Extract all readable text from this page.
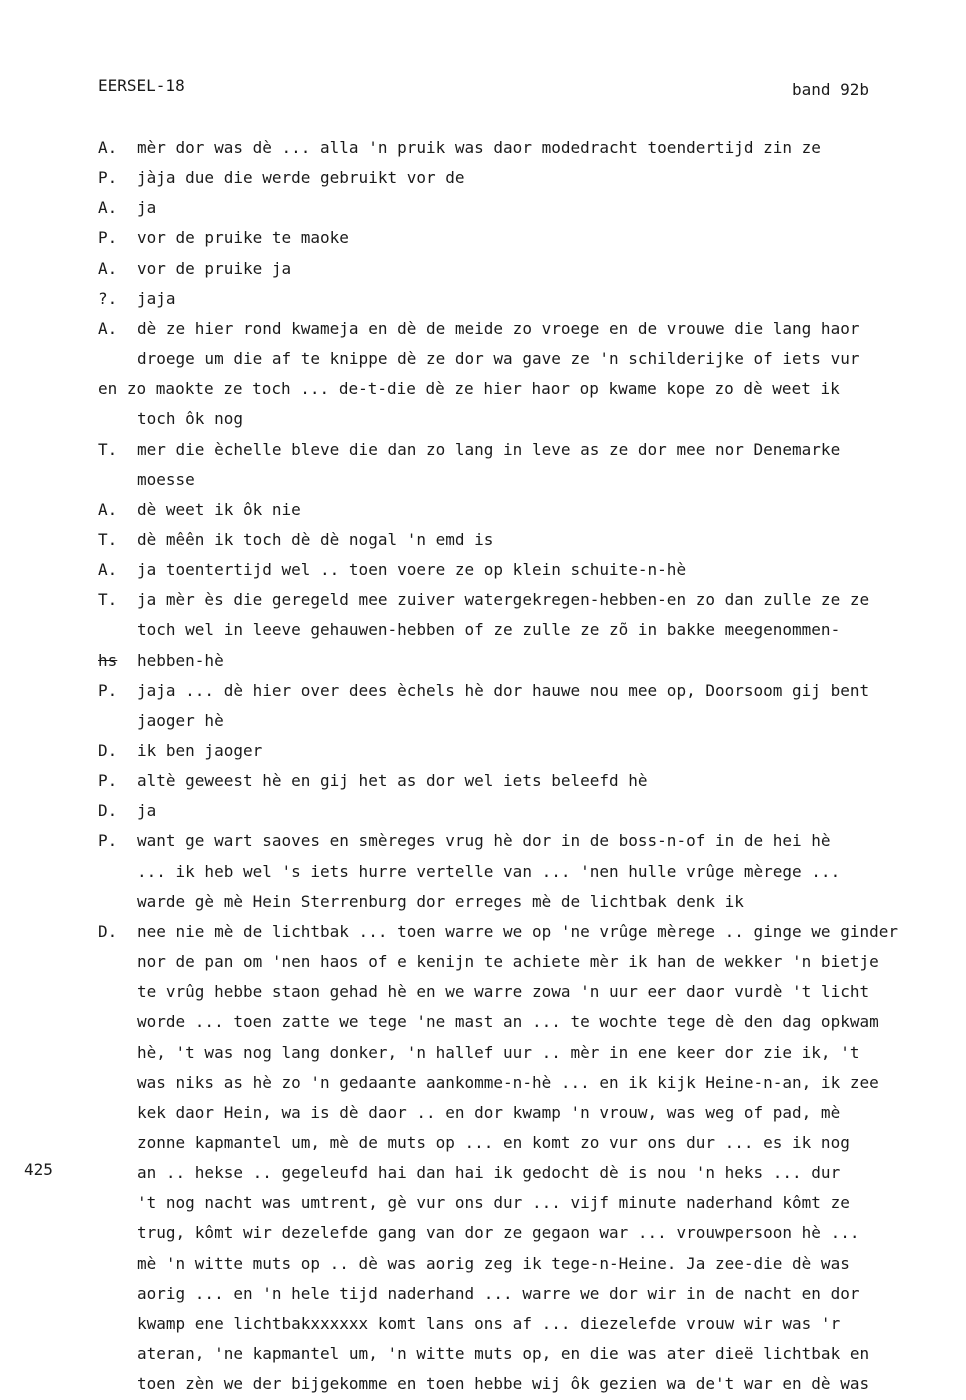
EERSEL-18	band 92b
425
A. mèr dor was dè ... alla 'n pruik was daor modedracht toendertijd zin ze
P. jàja due die werde gebruikt vor de
A. ja
P. vor de pruike te maoke
A. vor de pruike ja
?. jaja
A. dè ze hier rond kwameja en dè de meide zo vroege en de vrouwe die lang haor
droege um die af te knippe dè ze dor wa gave ze 'n schilderijke of iets vur
en zo maokte ze toch ... de-t-die dè ze hier haor op kwame kope zo dè weet ik
toch ôk nog
T. mer die èchelle bleve die dan zo lang in leve as ze dor mee nor Denemarke
moesse
A. dè weet ik ôk nie
T. dè mêên ik toch dè dè nogal 'n emd is
A. ja toentertijd wel .. toen voere ze op klein schuite-n-hè
T. ja mèr ès die geregeld mee zuiver watergekregen-hebben-en zo dan zulle ze ze
toch wel in leeve gehauwen-hebben of ze zulle ze zõ in bakke meegenommen-
hs hebben-hè
P. jaja ... dè hier over dees èchels hè dor hauwe nou mee op, Doorsoom gij bent
jaoger hè
D. ik ben jaoger
P. altè geweest hè en gij het as dor wel iets beleefd hè
D. ja
P. want ge wart saoves en smèreges vrug hè dor in de boss-n-of in de hei hè
... ik heb wel 's iets hurre vertelle van ... 'nen hulle vrûge mèrege ...
warde gè mè Hein Sterrenburg dor erreges mè de lichtbak denk ik
D. nee nie mè de lichtbak ... toen warre we op 'ne vrûge mèrege .. ginge we ginder
nor de pan om 'nen haos of e kenijn te achiete mèr ik han de wekker 'n bietje
te vrûg hebbe staon gehad hè en we warre zowa 'n uur eer daor vurdè 't licht
worde ... toen zatte we tege 'ne mast an ... te wochte tege dè den dag opkwam
hè, 't was nog lang donker, 'n hallef uur .. mèr in ene keer dor zie ik, 't
was niks as hè zo 'n gedaante aankomme-n-hè ... en ik kijk Heine-n-an, ik zee
kek daor Hein, wa is dè daor .. en dor kwamp 'n vrouw, was weg of pad, mè
zonne kapmantel um, mè de muts op ... en komt zo vur ons dur ... es ik nog
an .. hekse .. gegeleufd hai dan hai ik gedocht dè is nou 'n heks ... dur
't nog nacht was umtrent, gè vur ons dur ... vijf minute naderhand kômt ze
trug, kômt wir dezelefde gang van dor ze gegaon war ... vrouwpersoon hè ...
mè 'n witte muts op .. dè was aorig zeg ik tege-n-Heine. Ja zee-die dè was
aorig ... en 'n hele tijd naderhand ... warre we dor wir in de nacht en dor
kwamp ene lichtbakxxxxxx komt lans ons af ... diezelefde vrouw wir was 'r
ateran, 'ne kapmantel um, 'n witte muts op, en die was ater dieë lichtbak en
toen zèn we der bijgekomme en toen hebbe wij ôk gezien wa de't war en dè was
